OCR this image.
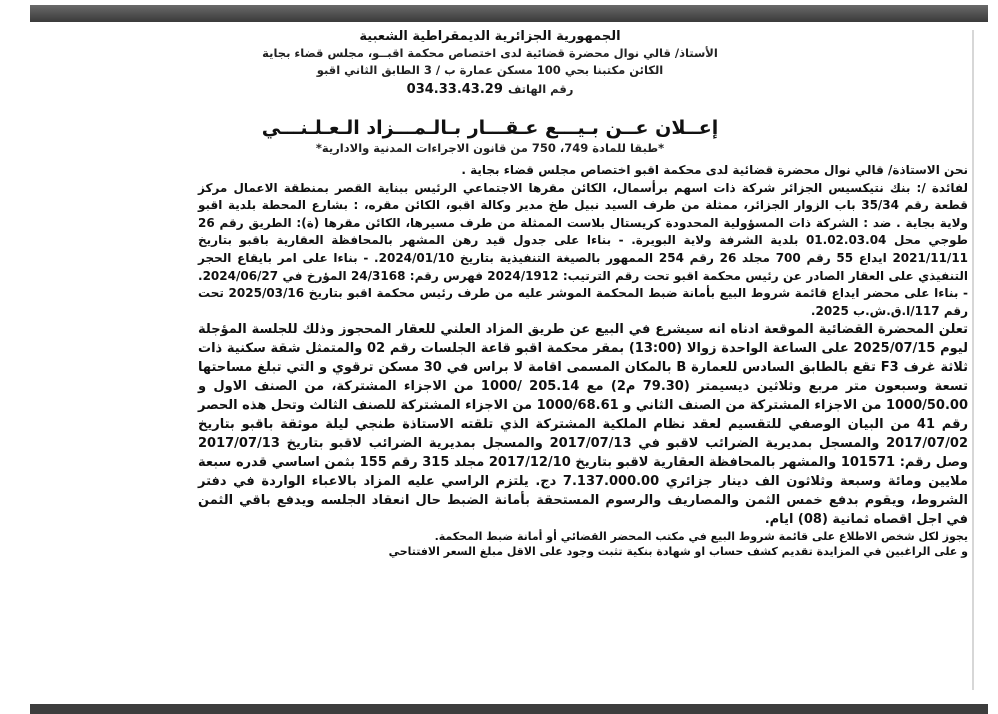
الجمهورية الجزائرية الديمقراطية الشعبية
الأستاذ/ قالي نوال محضرة قضائية لدى اختصاص محكمة اقبــو، مجلس قضاء بجاية
الكائن مكتبنا بحي 100 مسكن عمارة ب / 3 الطابق الثاني اقبو
رقم الهاتف 034.33.43.29
إعــلان عــن بـيـــع عـقـــار بـالـمـــزاد الـعـلـنـــي
*طبقا للمادة 749، 750 من قانون الاجراءات المدنية والادارية*

نحن الاستاذة/ قالي نوال محضرة قضائية لدى محكمة اقبو اختصاص مجلس قضاء بجاية .

لفائدة /: بنك نتيكسيس الجزائر شركة ذات اسهم برأسمال، الكائن مقرها الاجتماعي الرئيس ببناية القصر بمنطقة الاعمال مركز قطعة رقم 35/34 باب الزوار الجزائر، ممثلة من طرف السيد نبيل طخ مدير وكالة اقبو، الكائن مقره، : بشارع المحطة بلدية اقبو ولاية بجاية . ضد : الشركة ذات المسؤولية المحدودة كريستال بلاست الممثلة من طرف مسيرها، الكائن مقرها (ة): الطريق رقم 26 طوجي محل 01.02.03.04 بلدية الشرفة ولاية البويرة. - بناءا على جدول قيد رهن المشهر بالمحافظة العقارية باقبو بتاريخ 2021/11/11 ايداع 55 رقم 700 مجلد 26 رقم 254 الممهور بالصيغة التنفيذية بتاريخ 2024/01/10. - بناءا على امر بايقاع الحجر التنفيذي على العقار الصادر عن رئيس محكمة اقبو تحت رقم الترتيب: 2024/1912 فهرس رقم: 24/3168 المؤرخ في 2024/06/27. - بناءا على محضر ايداع قائمة شروط البيع بأمانة ضبط المحكمة الموشر عليه من طرف رئيس محكمة اقبو بتاريخ 2025/03/16 تحت رقم 117/ا.ق.ش.ب 2025.

تعلن المحضرة القضائية الموقعة ادناه انه سيشرع في البيع عن طريق المزاد العلني للعقار المحجوز وذلك للجلسة المؤجلة ليوم 2025/07/15 على الساعة الواحدة زوالا (13:00) بمقر محكمة اقبو قاعة الجلسات رقم 02 والمتمثل شقة سكنية ذات ثلاثة غرف F3 تقع بالطابق السادس للعمارة B بالمكان المسمى اقامة لا براس في 30 مسكن ترقوي و التي تبلغ مساحتها تسعة وسبعون متر مربع وثلاثين ديسيمتر (79.30 م2) مع 205.14 /1000 من الاجزاء المشتركة، من الصنف الاول و 1000/50.00 من الاجزاء المشتركة من الصنف الثاني و 1000/68.61 من الاجزاء المشتركة للصنف الثالث وتحل هذه الحصر رقم 41 من البيان الوصفي للتقسيم لعقد نظام الملكية المشتركة الذي تلقته الاستاذة طنجي ليلة موثقة باقبو بتاريخ 2017/07/02 والمسجل بمديرية الضرائب لاقبو في 2017/07/13 والمسجل بمديرية الضرائب لاقبو بتاريخ 2017/07/13 وصل رقم: 101571 والمشهر بالمحافظة العقارية لاقبو بتاريخ 2017/12/10 مجلد 315 رقم 155 بثمن اساسي قدره سبعة ملايين ومائة وسبعة وثلاثون الف دينار جزائري 7.137.000.00 دج. يلتزم الراسي عليه المزاد بالاعباء الواردة في دفتر الشروط، ويقوم بدفع خمس الثمن والمصاريف والرسوم المستحقة بأمانة الضبط حال انعقاد الجلسه ويدفع باقي الثمن في اجل اقصاه ثمانية (08) ايام.

يجوز لكل شخص الاطلاع على قائمة شروط البيع في مكتب المحضر القضائي أو أمانة ضبط المحكمة.

و على الراغبين في المزايدة تقديم كشف حساب او شهادة بنكية تثبت وجود على الاقل مبلغ السعر الافتتاحي
